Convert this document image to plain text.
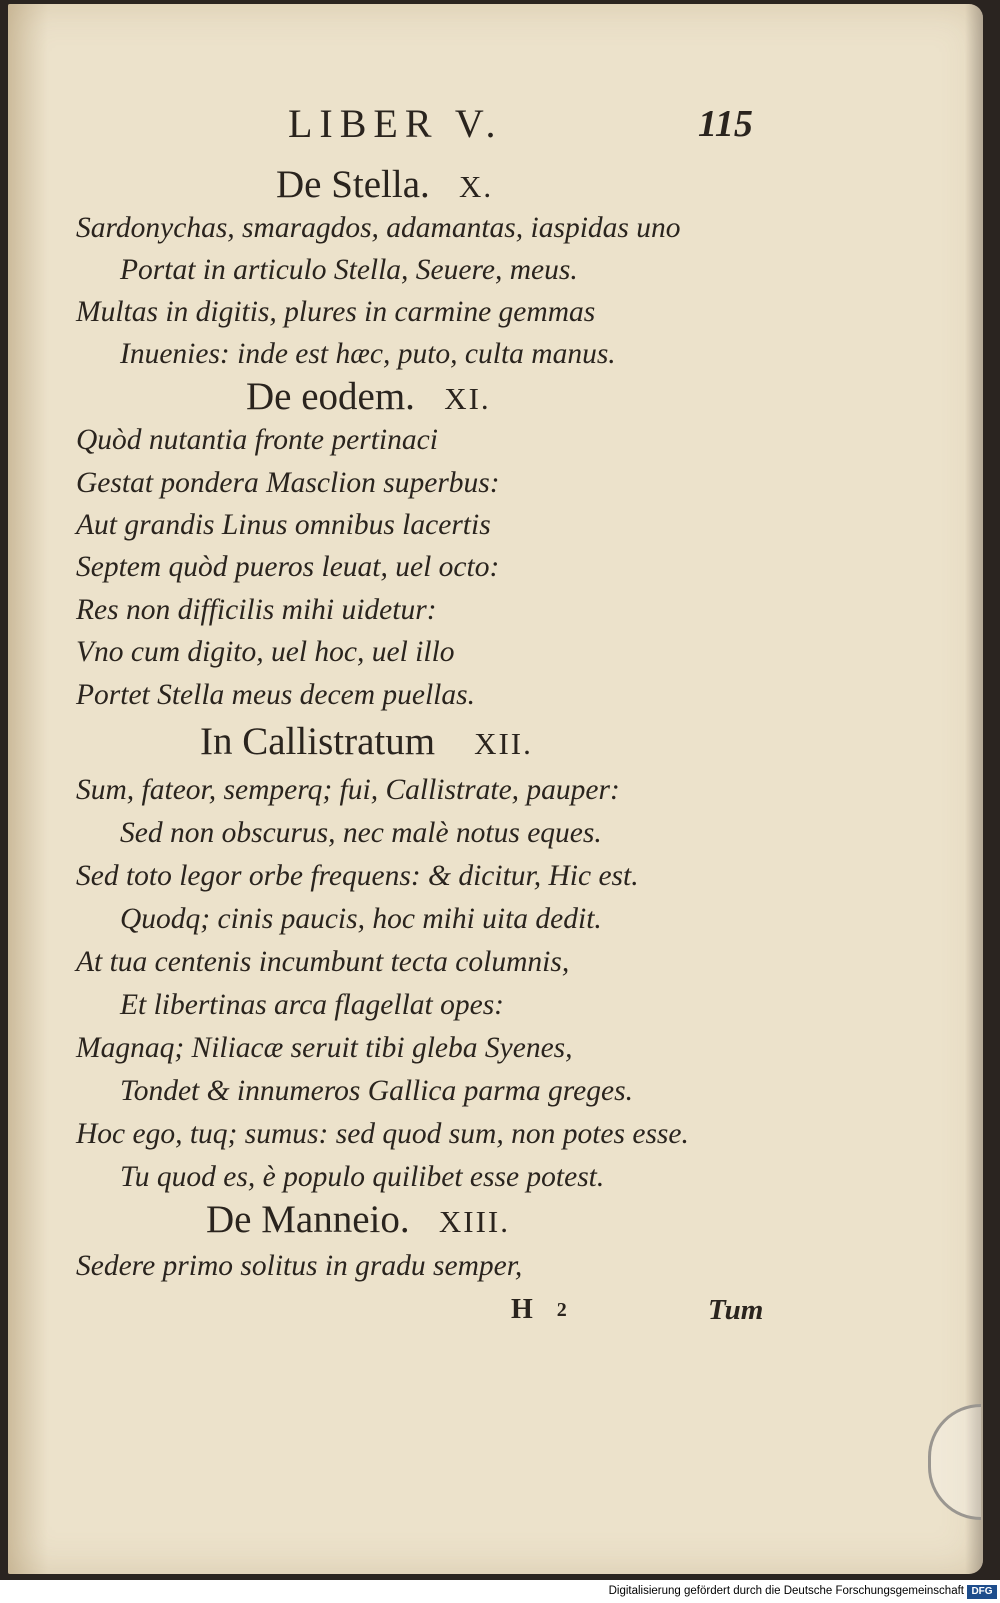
LIBER V.	115
De Stella. X.
Sardonychas, smaragdos, adamantas, iaspidas uno
Portat in articulo Stella, Seuere, meus.
Multas in digitis, plures in carmine gemmas
Inuenies: inde est hæc, puto, culta manus.
De eodem. XI.
Quòd nutantia fronte pertinaci
Gestat pondera Masclion superbus:
Aut grandis Linus omnibus lacertis
Septem quòd pueros leuat, uel octo:
Res non difficilis mihi uidetur:
Vno cum digito, uel hoc, uel illo
Portet Stella meus decem puellas.
In Callistratum XII.
Sum, fateor, semperq; fui, Callistrate, pauper:
Sed non obscurus, nec malè notus eques.
Sed toto legor orbe frequens: & dicitur, Hic est.
Quodq; cinis paucis, hoc mihi uita dedit.
At tua centenis incumbunt tecta columnis,
Et libertinas arca flagellat opes:
Magnaq; Niliacæ seruit tibi gleba Syenes,
Tondet & innumeros Gallica parma greges.
Hoc ego, tuq; sumus: sed quod sum, non potes esse.
Tu quod es, è populo quilibet esse potest.
De Manneio. XIII.
Sedere primo solitus in gradu semper,
H 2	Tum
Digitalisierung gefördert durch die Deutsche Forschungsgemeinschaft DFG
